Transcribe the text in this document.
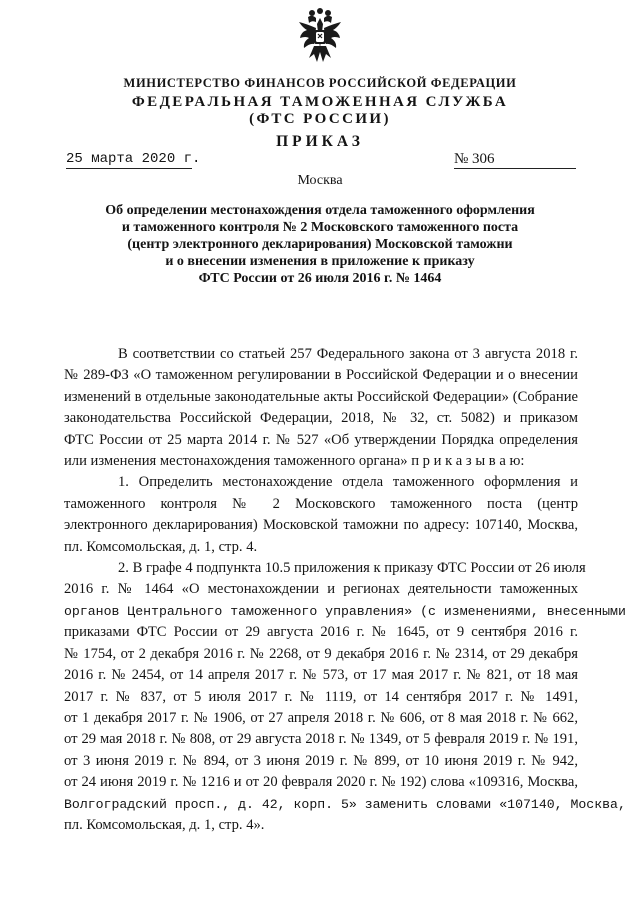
МИНИСТЕРСТВО ФИНАНСОВ РОССИЙСКОЙ ФЕДЕРАЦИИ
ФЕДЕРАЛЬНАЯ ТАМОЖЕННАЯ СЛУЖБА
(ФТС РОССИИ)
ПРИКАЗ
25 марта 2020 г.	№ 306
Москва
Об определении местонахождения отдела таможенного оформления
и таможенного контроля № 2 Московского таможенного поста
(центр электронного декларирования) Московской таможни
и о внесении изменения в приложение к приказу
ФТС России от 26 июля 2016 г. № 1464
В соответствии со статьей 257 Федерального закона от 3 августа 2018 г.
№ 289-ФЗ «О таможенном регулировании в Российской Федерации и о внесении
изменений в отдельные законодательные акты Российской Федерации» (Собрание
законодательства Российской Федерации, 2018, № 32, ст. 5082) и приказом
ФТС России от 25 марта 2014 г. № 527 «Об утверждении Порядка определения
или изменения местонахождения таможенного органа» п р и к а з ы в а ю:
1. Определить местонахождение отдела таможенного оформления и
таможенного контроля № 2 Московского таможенного поста (центр
электронного декларирования) Московской таможни по адресу: 107140, Москва,
пл. Комсомольская, д. 1, стр. 4.
2. В графе 4 подпункта 10.5 приложения к приказу ФТС России от 26 июля
2016 г. № 1464 «О местонахождении и регионах деятельности таможенных
органов Центрального таможенного управления» (с изменениями, внесенными
приказами ФТС России от 29 августа 2016 г. № 1645, от 9 сентября 2016 г.
№ 1754, от 2 декабря 2016 г. № 2268, от 9 декабря 2016 г. № 2314, от 29 декабря
2016 г. № 2454, от 14 апреля 2017 г. № 573, от 17 мая 2017 г. № 821, от 18 мая
2017 г. № 837, от 5 июля 2017 г. № 1119, от 14 сентября 2017 г. № 1491,
от 1 декабря 2017 г. № 1906, от 27 апреля 2018 г. № 606, от 8 мая 2018 г. № 662,
от 29 мая 2018 г. № 808, от 29 августа 2018 г. № 1349, от 5 февраля 2019 г. № 191,
от 3 июня 2019 г. № 894, от 3 июня 2019 г. № 899, от 10 июня 2019 г. № 942,
от 24 июня 2019 г. № 1216 и от 20 февраля 2020 г. № 192) слова «109316, Москва,
Волгоградский просп., д. 42, корп. 5» заменить словами «107140, Москва,
пл. Комсомольская, д. 1, стр. 4».
